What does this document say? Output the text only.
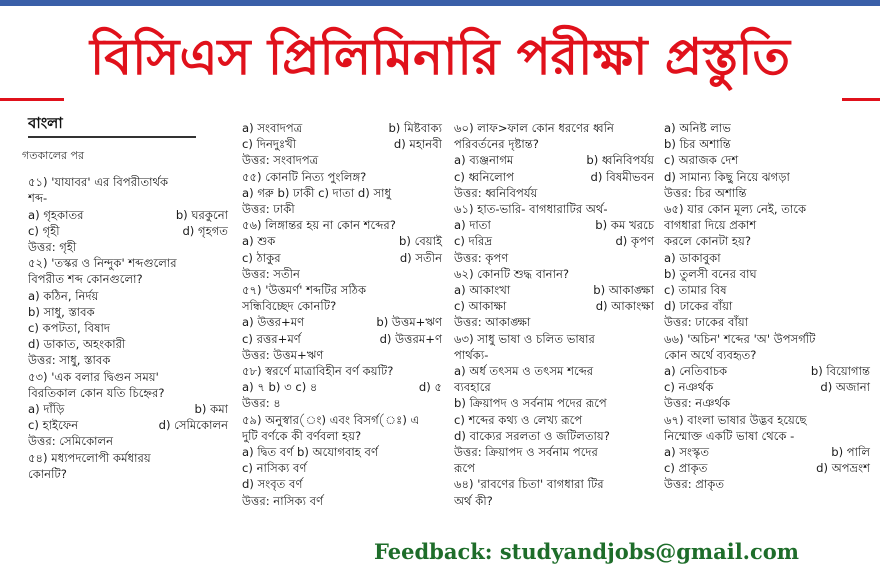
বিসিএস প্রিলিমিনারি পরীক্ষা প্রস্তুতি
বাংলা
গতকালের পর
৫১) 'যাযাবর' এর বিপরীতার্থক
শব্দ-
a) গৃহকাতর	b) ঘরকুনো
c) গৃহী	d) গৃহগত
উত্তর: গৃহী
৫২) 'তস্কর ও নিন্দুক' শব্দগুলোর
বিপরীত শব্দ কোনগুলো?
a) কঠিন, নির্দয়
b) সাধু, স্তাবক
c) কপটতা, বিষাদ
d) ডাকাত, অহংকারী
উত্তর: সাধু, স্তাবক
৫৩) 'এক বলার দ্বিগুন সময়'
বিরতিকাল কোন যতি চিহ্নের?
a) দাঁড়ি	b) কমা
c) হাইফেন	d) সেমিকোলন
উত্তর: সেমিকোলন
৫৪) মধ্যপদলোপী কর্মধারয়
কোনটি?
a) সংবাদপত্র	b) মিষ্টবাক্য
c) দিনদুঃখী	d) মহানবী
উত্তর: সংবাদপত্র
৫৫) কোনটি নিত্য পুংলিঙ্গ?
a) গরু b) ঢাকী c) দাতা d) সাধু
উত্তর: ঢাকী
৫৬) লিঙ্গান্তর হয় না কোন শব্দের?
a) শুক	b) বেয়াই
c) ঠাকুর	d) সতীন
উত্তর: সতীন
৫৭) 'উত্তমর্ণ' শব্দটির সঠিক
সন্ধিবিচ্ছেদ কোনটি?
a) উত্তর+মণ	b) উত্তম+ঋণ
c) রত্তর+মর্ণ	d) উত্তরম+ণ
উত্তর: উত্তম+ঋণ
৫৮) স্বরর্ণে মাত্রাবিহীন বর্ণ কয়টি?
a) ৭ b) ৩ c) ৪	d) ৫
উত্তর: ৪
৫৯) অনুস্বার(ং) এবং বিসর্গ(ঃ) এ
দুটি বর্ণকে কী বর্ণবলা হয়?
a) দ্বিত বর্ণ b) অযোগবাহ বর্ণ
c) নাসিক্য বর্ণ
d) সংবৃত বর্ণ
উত্তর: নাসিক্য বর্ণ
৬০) লাফ>ফাল কোন ধরণের ধ্বনি
পরিবর্তনের দৃষ্টান্ত?
a) ব্যঞ্জনাগম	b) ধ্বনিবিপর্যয়
c) ধ্বনিলোপ	d) বিষমীভবন
উত্তর: ধ্বনিবিপর্যয়
৬১) হাত-ভারি- বাগধারাটির অর্থ-
a) দাতা	b) কম খরচে
c) দরিদ্র	d) কৃপণ
উত্তর: কৃপণ
৬২) কোনটি শুদ্ধ বানান?
a) আকাংখা	b) আকাঙ্ক্ষা
c) আকাক্ষা	d) আকাংক্ষা
উত্তর: আকাঙ্ক্ষা
৬৩) সাধু ভাষা ও চলিত ভাষার
পার্থক্য-
a) অর্ধ তৎসম ও তৎসম শব্দের
ব্যবহারে
b) ক্রিয়াপদ ও সর্বনাম পদের রূপে
c) শব্দের কথ্য ও লেখ্য রূপে
d) বাক্যের সরলতা ও জটিলতায়?
উত্তর: ক্রিয়াপদ ও সর্বনাম পদের
রূপে
৬৪) 'রাবণের চিতা' বাগধারা টির
অর্থ কী?
a) অনিষ্ট লাভ
b) চির অশান্তি
c) অরাজক দেশ
d) সামান্য কিছু নিয়ে ঝগড়া
উত্তর: চির অশান্তি
৬৫) যার কোন মূল্য নেই, তাকে
বাগধারা দিয়ে প্রকাশ
করলে কোনটা হয়?
a) ডাকাবুকা
b) তুলসী বনের বাঘ
c) তামার বিষ
d) ঢাকের বাঁয়া
উত্তর: ঢাকের বাঁয়া
৬৬) 'অচিন' শব্দের 'অ' উপসর্গটি
কোন অর্থে ব্যবহৃত?
a) নেতিবাচক	b) বিয়োগান্ত
c) নঞর্থক	d) অজানা
উত্তর: নঞর্থক
৬৭) বাংলা ভাষার উদ্ভব হয়েছে
নিম্মোক্ত একটি ভাষা থেকে -
a) সংস্কৃত	b) পালি
c) প্রাকৃত	d) অপভ্রংশ
উত্তর: প্রাকৃত
Feedback: studyandjobs@gmail.com
